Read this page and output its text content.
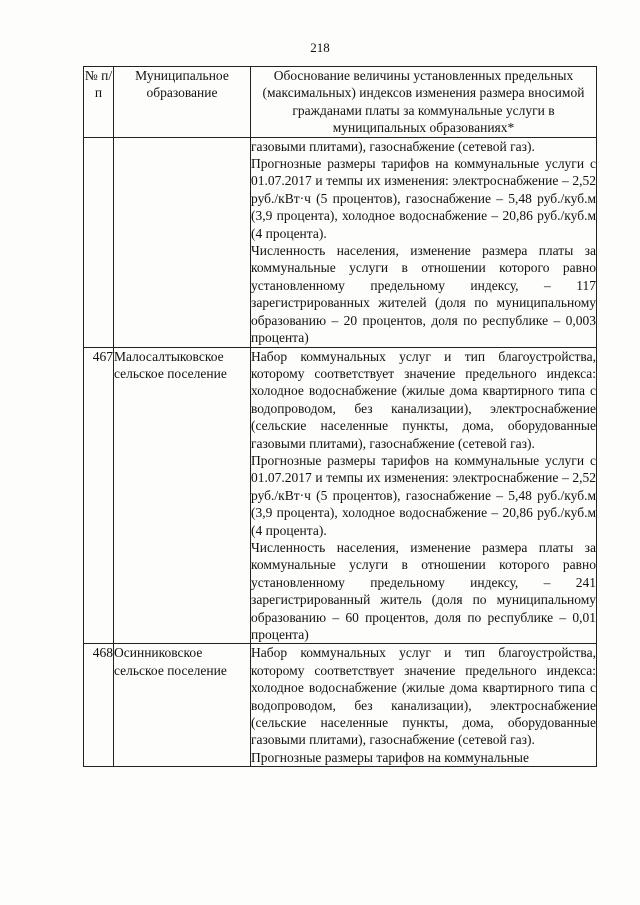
218
№ п/п	Муниципальное образование	Обоснование величины установленных предельных (максимальных) индексов изменения размера вносимой гражданами платы за коммунальные услуги в муниципальных образованиях*

		газовыми плитами), газоснабжение (сетевой газ).

Прогнозные размеры тарифов на коммунальные услуги с 01.07.2017 и темпы их изменения: электроснабжение – 2,52 руб./кВт·ч (5 процентов), газоснабжение – 5,48 руб./куб.м (3,9 процента), холодное водоснабжение – 20,86 руб./куб.м (4 процента).

Численность населения, изменение размера платы за коммунальные услуги в отношении которого равно установленному предельному индексу, – 117 зарегистрированных жителей (доля по муниципальному образованию – 20 процентов, доля по республике – 0,003 процента)

467	Малосалтыковское сельское поселение	Набор коммунальных услуг и тип благоустройства, которому соответствует значение предельного индекса: холодное водоснабжение (жилые дома квартирного типа с водопроводом, без канализации), электроснабжение (сельские населенные пункты, дома, оборудованные газовыми плитами), газоснабжение (сетевой газ).

Прогнозные размеры тарифов на коммунальные услуги с 01.07.2017 и темпы их изменения: электроснабжение – 2,52 руб./кВт·ч (5 процентов), газоснабжение – 5,48 руб./куб.м (3,9 процента), холодное водоснабжение – 20,86 руб./куб.м (4 процента).

Численность населения, изменение размера платы за коммунальные услуги в отношении которого равно установленному предельному индексу, – 241 зарегистрированный житель (доля по муниципальному образованию – 60 процентов, доля по республике – 0,01 процента)

468	Осинниковское сельское поселение	Набор коммунальных услуг и тип благоустройства, которому соответствует значение предельного индекса: холодное водоснабжение (жилые дома квартирного типа с водопроводом, без канализации), электроснабжение (сельские населенные пункты, дома, оборудованные газовыми плитами), газоснабжение (сетевой газ).

Прогнозные размеры тарифов на коммунальные
